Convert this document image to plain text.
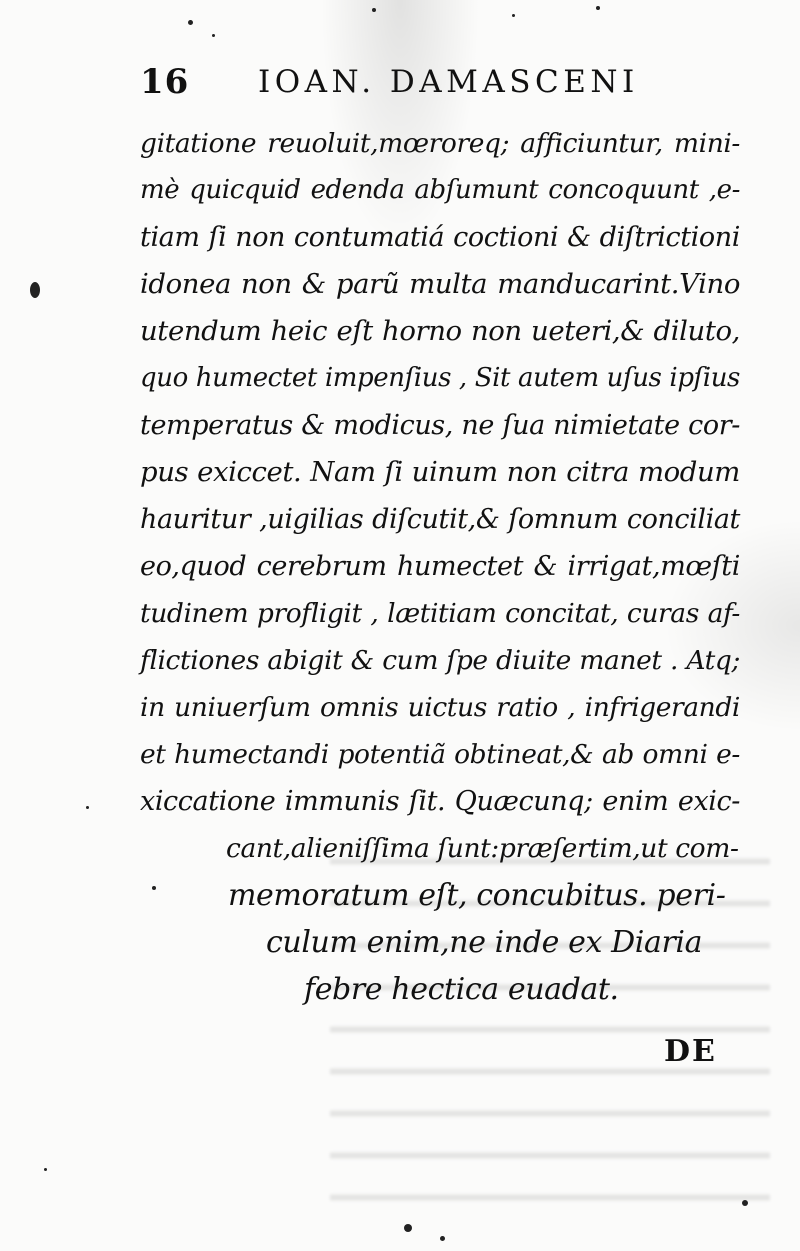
16 IOAN. DAMASCENI
gitatione reuoluit,mœroreq; afficiuntur, mini-
mè quicquid edenda abſumunt concoquunt ,e-
tiam ſi non contumatiá coctioni & diſtrictioni
idonea non & parũ multa manducarint.Vino
utendum heic eſt horno non ueteri,& diluto,
quo humectet impenſius , Sit autem uſus ipſius
temperatus & modicus, ne ſua nimietate cor-
pus exiccet. Nam ſi uinum non citra modum
hauritur ,uigilias diſcutit,& ſomnum conciliat
eo,quod cerebrum humectet & irrigat,mœſti
tudinem profligit , lætitiam concitat, curas af-
flictiones abigit & cum ſpe diuite manet . Atq;
in uniuerſum omnis uictus ratio , infrigerandi
et humectandi potentiã obtineat,& ab omni e-
xiccatione immunis ſit. Quæcunq; enim exic-
cant,alieniſſima ſunt:præſertim,ut com-
memoratum eſt, concubitus. peri-
culum enim,ne inde ex Diaria
febre hectica euadat.
DE
